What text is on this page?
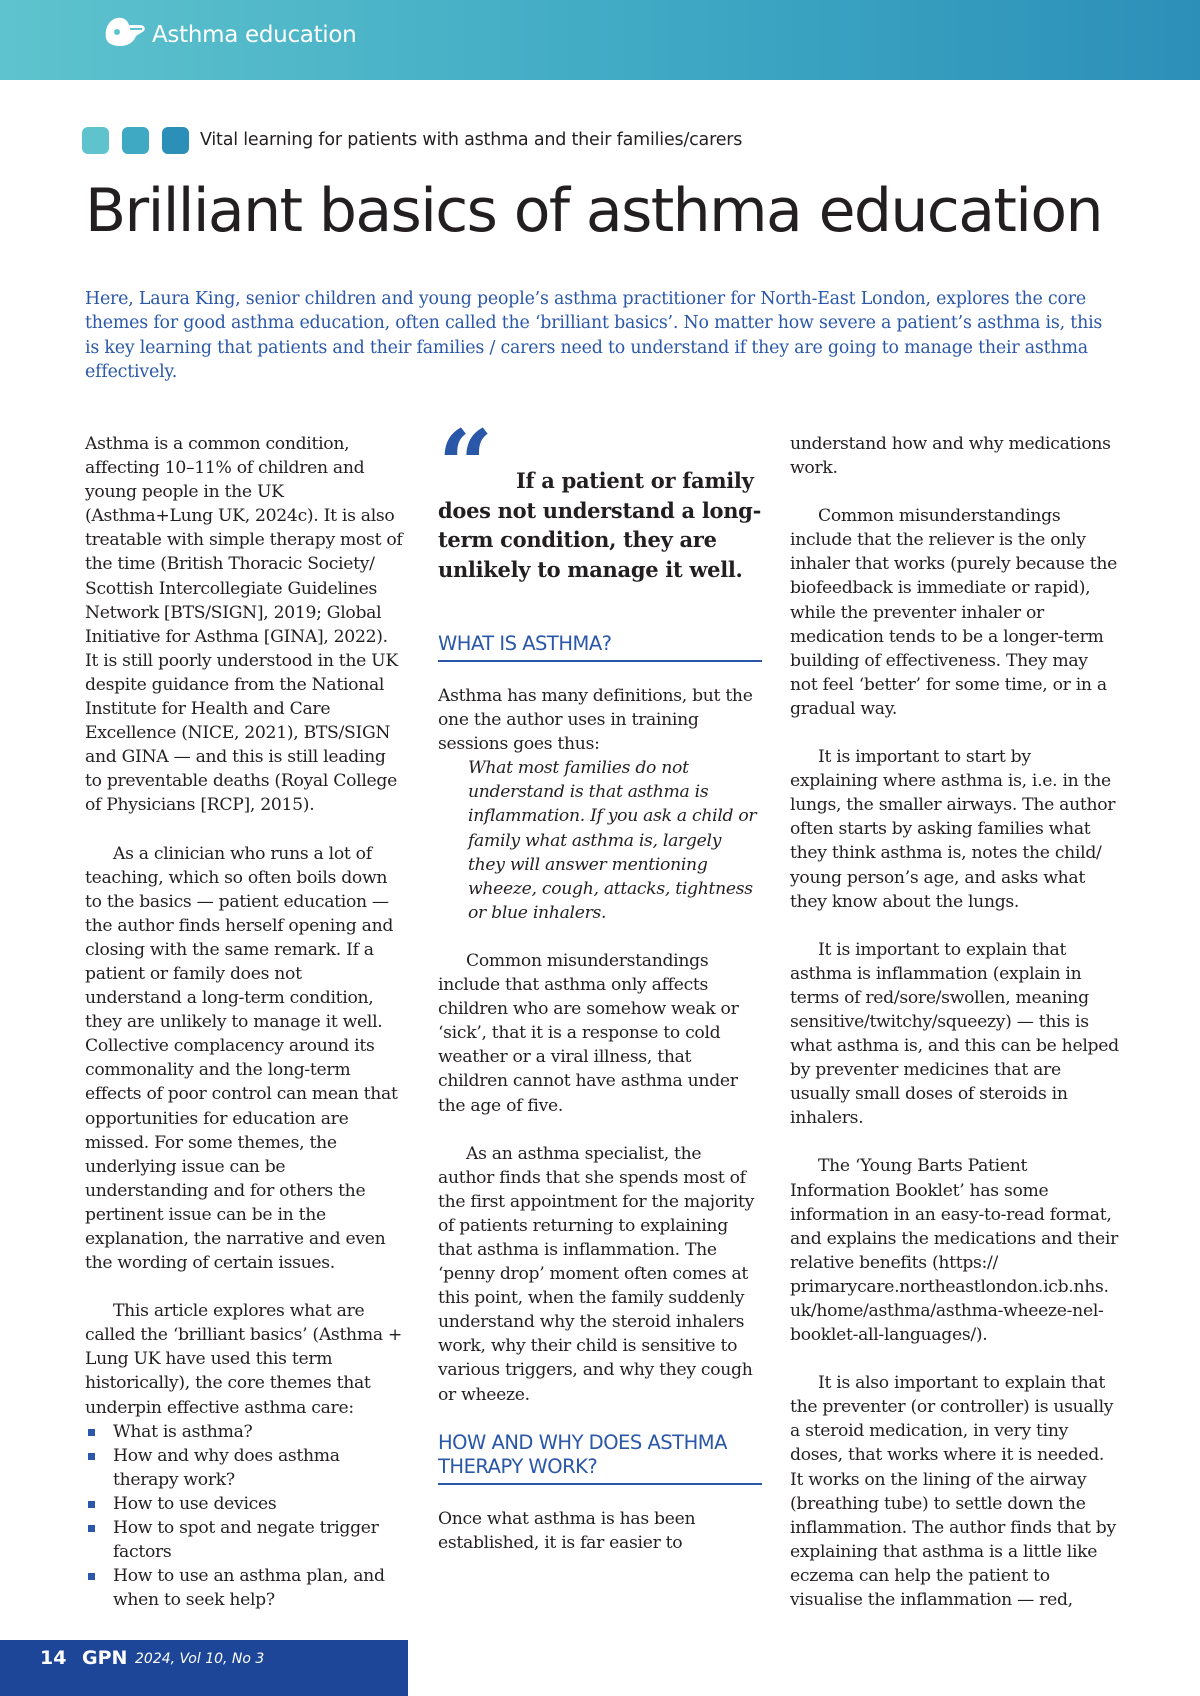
Asthma education
Vital learning for patients with asthma and their families/carers
Brilliant basics of asthma education

Here, Laura King, senior children and young people’s asthma practitioner for North-East London, explores the core themes for good asthma education, often called the ‘brilliant basics’. No matter how severe a patient’s asthma is, this is key learning that patients and their families / carers need to understand if they are going to manage their asthma effectively.

Asthma is a common condition, affecting 10–11% of children and young people in the UK (Asthma+Lung UK, 2024c). It is also treatable with simple therapy most of the time (British Thoracic Society/ Scottish Intercollegiate Guidelines Network [BTS/SIGN], 2019; Global Initiative for Asthma [GINA], 2022). It is still poorly understood in the UK despite guidance from the National Institute for Health and Care Excellence (NICE, 2021), BTS/SIGN and GINA — and this is still leading to preventable deaths (Royal College of Physicians [RCP], 2015).

As a clinician who runs a lot of teaching, which so often boils down to the basics — patient education — the author finds herself opening and closing with the same remark. If a patient or family does not understand a long-term condition, they are unlikely to manage it well. Collective complacency around its commonality and the long-term effects of poor control can mean that opportunities for education are missed. For some themes, the underlying issue can be understanding and for others the pertinent issue can be in the explanation, the narrative and even the wording of certain issues.

This article explores what are called the ‘brilliant basics’ (Asthma + Lung UK have used this term historically), the core themes that underpin effective asthma care:

What is asthma?
How and why does asthma therapy work?
How to use devices
How to spot and negate trigger factors
How to use an asthma plan, and when to seek help?
“	If a patient or family does not understand a long-term condition, they are unlikely to manage it well.
WHAT IS ASTHMA?

Asthma has many definitions, but the one the author uses in training sessions goes thus:

What most families do not understand is that asthma is inflammation. If you ask a child or family what asthma is, largely they will answer mentioning wheeze, cough, attacks, tightness or blue inhalers.

Common misunderstandings include that asthma only affects children who are somehow weak or ‘sick’, that it is a response to cold weather or a viral illness, that children cannot have asthma under the age of five.

As an asthma specialist, the author finds that she spends most of the first appointment for the majority of patients returning to explaining that asthma is inflammation. The ‘penny drop’ moment often comes at this point, when the family suddenly understand why the steroid inhalers work, why their child is sensitive to various triggers, and why they cough or wheeze.

HOW AND WHY DOES ASTHMA THERAPY WORK?

Once what asthma is has been established, it is far easier to

understand how and why medications work.

Common misunderstandings include that the reliever is the only inhaler that works (purely because the biofeedback is immediate or rapid), while the preventer inhaler or medication tends to be a longer-term building of effectiveness. They may not feel ‘better’ for some time, or in a gradual way.

It is important to start by explaining where asthma is, i.e. in the lungs, the smaller airways. The author often starts by asking families what they think asthma is, notes the child/ young person’s age, and asks what they know about the lungs.

It is important to explain that asthma is inflammation (explain in terms of red/sore/swollen, meaning sensitive/twitchy/squeezy) — this is what asthma is, and this can be helped by preventer medicines that are usually small doses of steroids in inhalers.

The ‘Young Barts Patient Information Booklet’ has some information in an easy-to-read format, and explains the medications and their relative benefits (https:// primarycare.northeastlondon.icb.nhs. uk/home/asthma/asthma-wheeze-nel-booklet-all-languages/).

It is also important to explain that the preventer (or controller) is usually a steroid medication, in very tiny doses, that works where it is needed. It works on the lining of the airway (breathing tube) to settle down the inflammation. The author finds that by explaining that asthma is a little like eczema can help the patient to visualise the inflammation — red,

14 GPN 2024, Vol 10, No 3
